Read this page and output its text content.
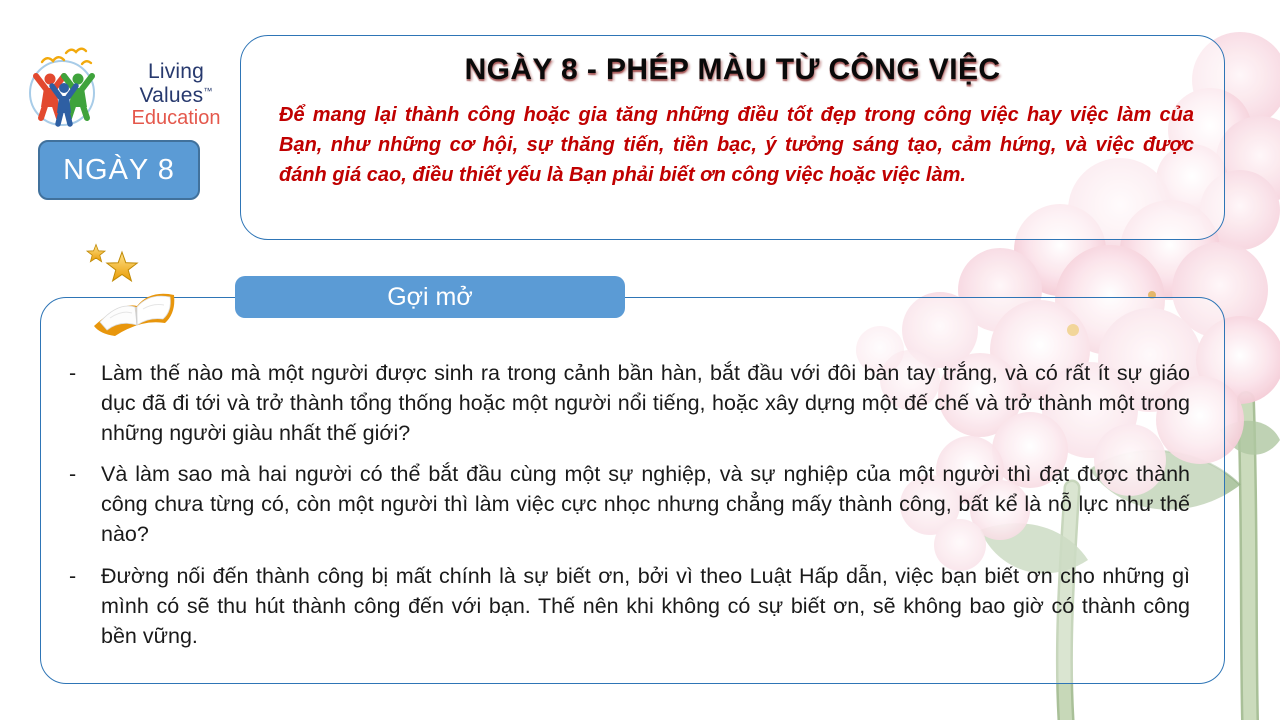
Living Values™
Education
NGÀY 8
NGÀY 8 - PHÉP MÀU TỪ CÔNG VIỆC
Để mang lại thành công hoặc gia tăng những điều tốt đẹp trong công việc hay việc làm của Bạn, như những cơ hội, sự thăng tiến, tiền bạc, ý tưởng sáng tạo, cảm hứng, và việc được đánh giá cao, điều thiết yếu là Bạn phải biết ơn công việc hoặc việc làm.
Gợi mở
-	Làm thế nào mà một người được sinh ra trong cảnh bần hàn, bắt đầu với đôi bàn tay trắng, và có rất ít sự giáo dục đã đi tới và trở thành tổng thống hoặc một người nổi tiếng, hoặc xây dựng một đế chế và trở thành một trong những người giàu nhất thế giới?
-	Và làm sao mà hai người có thể bắt đầu cùng một sự nghiệp, và sự nghiệp của một người thì đạt được thành công chưa từng có, còn một người thì làm việc cực nhọc nhưng chẳng mấy thành công, bất kể là nỗ lực như thế nào?
-	Đường nối đến thành công bị mất chính là sự biết ơn, bởi vì theo Luật Hấp dẫn, việc bạn biết ơn cho những gì mình có sẽ thu hút thành công đến với bạn. Thế nên khi không có sự biết ơn, sẽ không bao giờ có thành công bền vững.
